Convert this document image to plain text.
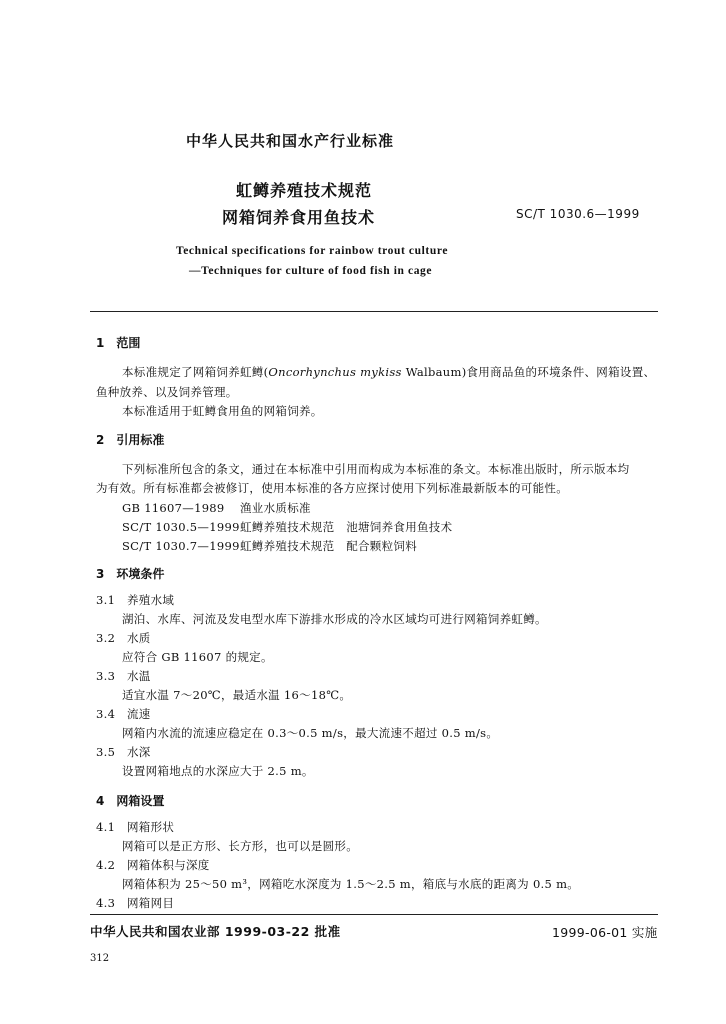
中华人民共和国水产行业标准
虹鳟养殖技术规范
网箱饲养食用鱼技术	SC/T 1030.6—1999
Technical specifications for rainbow trout culture
—Techniques for culture of food fish in cage
1　范围
本标准规定了网箱饲养虹鳟(Oncorhynchus mykiss Walbaum)食用商品鱼的环境条件、网箱设置、
鱼种放养、以及饲养管理。
本标准适用于虹鳟食用鱼的网箱饲养。
2　引用标准
下列标准所包含的条文，通过在本标准中引用而构成为本标准的条文。本标准出版时，所示版本均
为有效。所有标准都会被修订，使用本标准的各方应探讨使用下列标准最新版本的可能性。
GB 11607—1989 渔业水质标准
SC/T 1030.5—1999虹鳟养殖技术规范　池塘饲养食用鱼技术
SC/T 1030.7—1999虹鳟养殖技术规范　配合颗粒饲料
3　环境条件
3.1　养殖水域
湖泊、水库、河流及发电型水库下游排水形成的冷水区域均可进行网箱饲养虹鳟。
3.2　水质
应符合 GB 11607 的规定。
3.3　水温
适宜水温 7～20℃，最适水温 16～18℃。
3.4　流速
网箱内水流的流速应稳定在 0.3～0.5 m/s，最大流速不超过 0.5 m/s。
3.5　水深
设置网箱地点的水深应大于 2.5 m。
4　网箱设置
4.1　网箱形状
网箱可以是正方形、长方形，也可以是圆形。
4.2　网箱体积与深度
网箱体积为 25～50 m³，网箱吃水深度为 1.5～2.5 m，箱底与水底的距离为 0.5 m。
4.3　网箱网目
中华人民共和国农业部 1999-03-22 批准	1999-06-01 实施
312
